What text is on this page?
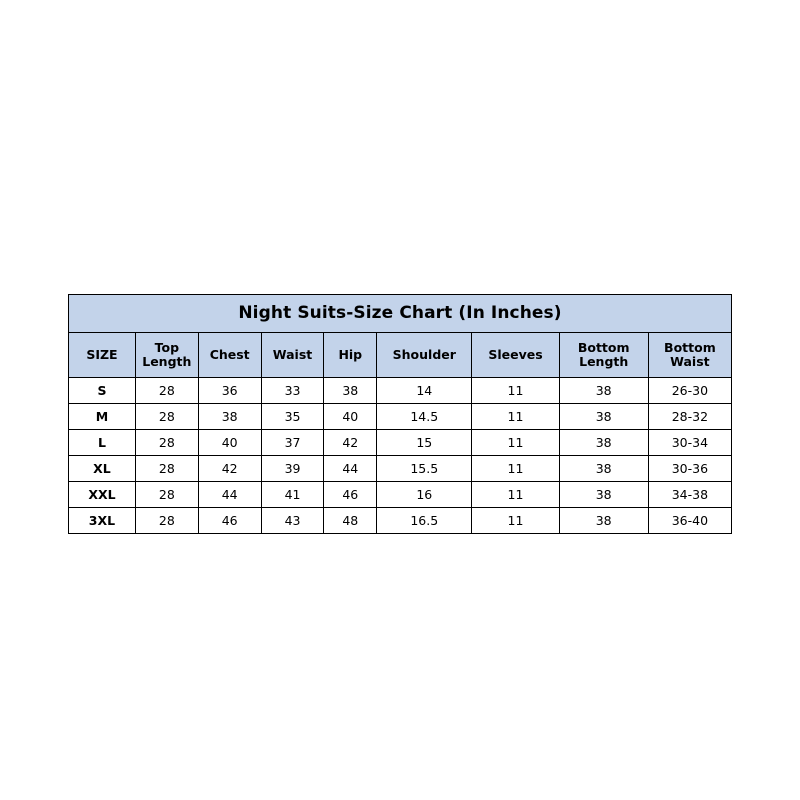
Night Suits-Size Chart (In Inches)
SIZE	Top Length	Chest	Waist	Hip	Shoulder	Sleeves	Bottom Length	Bottom Waist
S	28	36	33	38	14	11	38	26-30
M	28	38	35	40	14.5	11	38	28-32
L	28	40	37	42	15	11	38	30-34
XL	28	42	39	44	15.5	11	38	30-36
XXL	28	44	41	46	16	11	38	34-38
3XL	28	46	43	48	16.5	11	38	36-40
